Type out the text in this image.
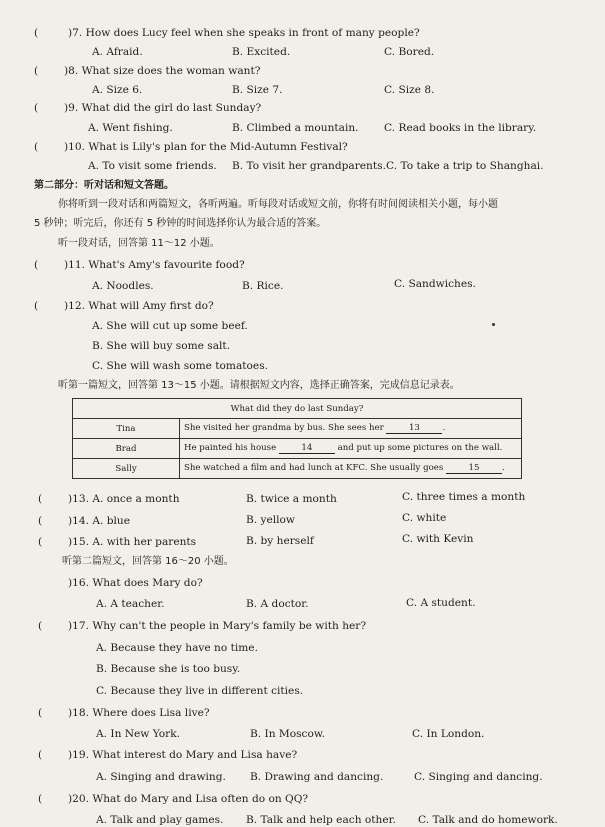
(	)7. How does Lucy feel when she speaks in front of many people?
A. Afraid.	B. Excited.	C. Bored.
( )8. What size does the woman want?
A. Size 6.	B. Size 7.	C. Size 8.
( )9. What did the girl do last Sunday?
A. Went fishing.	B. Climbed a mountain. C. Read books in the library.
( )10. What is Lily's plan for the Mid-Autumn Festival?
A. To visit some friends. B. To visit her grandparents. C. To take a trip to Shanghai.
第二部分：听对话和短文答题。
你将听到一段对话和两篇短文，各听两遍。听每段对话或短文前，你将有时间阅读相关小题，每小题
5 秒钟；听完后，你还有 5 秒钟的时间选择你认为最合适的答案。
听一段对话，回答第 11～12 小题。
( )11. What's Amy's favourite food?
A. Noodles.	B. Rice.	C. Sandwiches.
( )12. What will Amy first do?
A. She will cut up some beef.
B. She will buy some salt.
C. She will wash some tomatoes.
听第一篇短文，回答第 13～15 小题。请根据短文内容，选择正确答案，完成信息记录表。
What did they do last Sunday?	
Tina	She visited her grandma by bus. She sees her 13 .
Brad	He painted his house 14 and put up some pictures on the wall.
Sally	She watched a film and had lunch at KFC. She usually goes 15 .
( )13. A. once a month	B. twice a month	C. three times a month
( )14. A. blue	B. yellow	C. white
( )15. A. with her parents	B. by herself	C. with Kevin
听第二篇短文，回答第 16～20 小题。
)16. What does Mary do?
A. A teacher.	B. A doctor.	C. A student.
( )17. Why can't the people in Mary's family be with her?
A. Because they have no time.
B. Because she is too busy.
C. Because they live in different cities.
( )18. Where does Lisa live?
A. In New York.	B. In Moscow.	C. In London.
( )19. What interest do Mary and Lisa have?
A. Singing and drawing. B. Drawing and dancing.	C. Singing and dancing.
( )20. What do Mary and Lisa often do on QQ?
A. Talk and play games. B. Talk and help each other. C. Talk and do homework.
